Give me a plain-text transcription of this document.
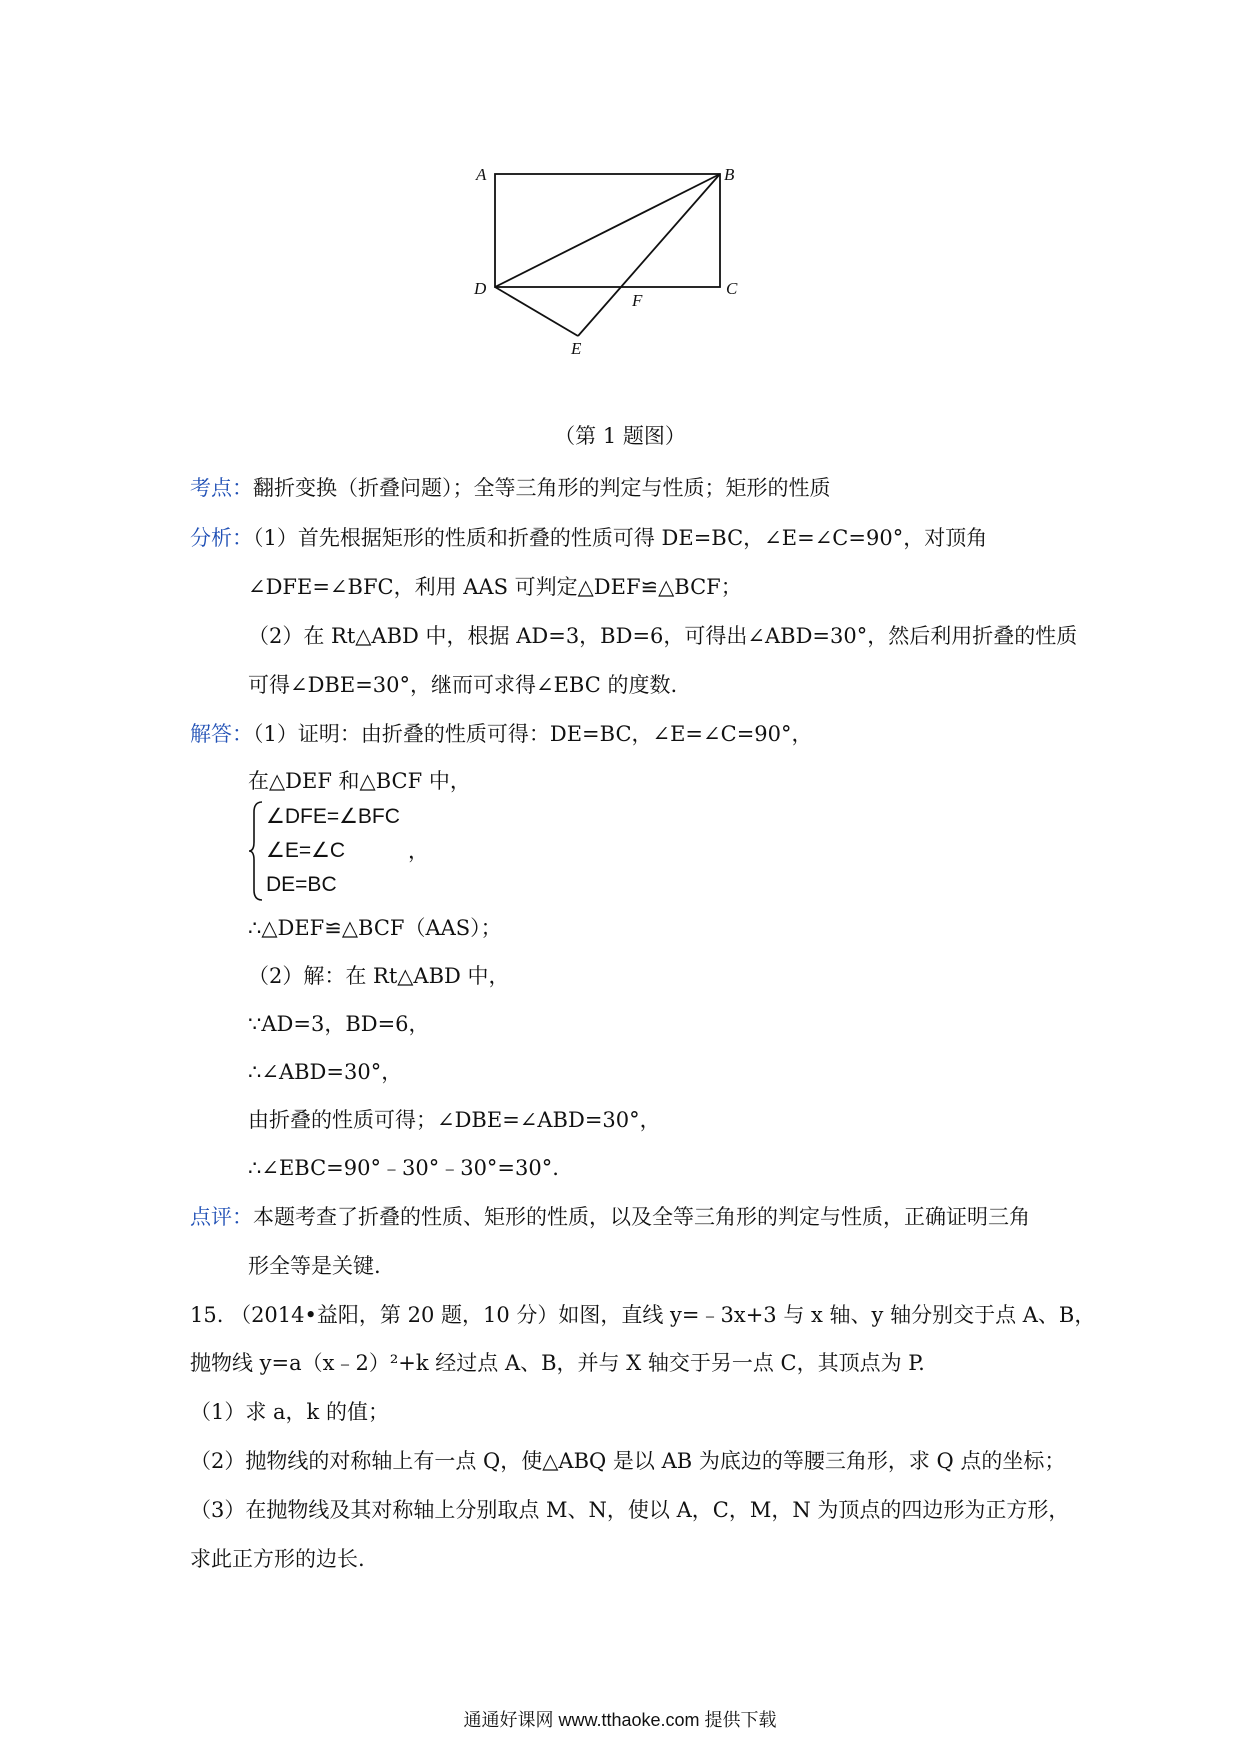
A	B
C
D
E
F
（第 1 题图）
考点：翻折变换（折叠问题）；全等三角形的判定与性质；矩形的性质
分析：（1）首先根据矩形的性质和折叠的性质可得 DE=BC，∠E=∠C=90°，对顶角
∠DFE=∠BFC，利用 AAS 可判定△DEF≌△BCF；
（2）在 Rt△ABD 中，根据 AD=3，BD=6，可得出∠ABD=30°，然后利用折叠的性质
可得∠DBE=30°，继而可求得∠EBC 的度数.
解答：（1）证明：由折叠的性质可得：DE=BC，∠E=∠C=90°，
在△DEF 和△BCF 中，
∠DFE=∠BFC
∠E=∠C
DE=BC
，
∴△DEF≌△BCF（AAS）；
（2）解：在 Rt△ABD 中，
∵AD=3，BD=6，
∴∠ABD=30°，
由折叠的性质可得；∠DBE=∠ABD=30°，
∴∠EBC=90°﹣30°﹣30°=30°.
点评：本题考查了折叠的性质、矩形的性质，以及全等三角形的判定与性质，正确证明三角
形全等是关键.
15. （2014•益阳，第 20 题，10 分）如图，直线 y=﹣3x+3 与 x 轴、y 轴分别交于点 A、B，
抛物线 y=a（x﹣2）²+k 经过点 A、B，并与 X 轴交于另一点 C，其顶点为 P.
（1）求 a，k 的值；
（2）抛物线的对称轴上有一点 Q，使△ABQ 是以 AB 为底边的等腰三角形，求 Q 点的坐标；
（3）在抛物线及其对称轴上分别取点 M、N，使以 A，C，M，N 为顶点的四边形为正方形，
求此正方形的边长.
通通好课网 www.tthaoke.com 提供下载
